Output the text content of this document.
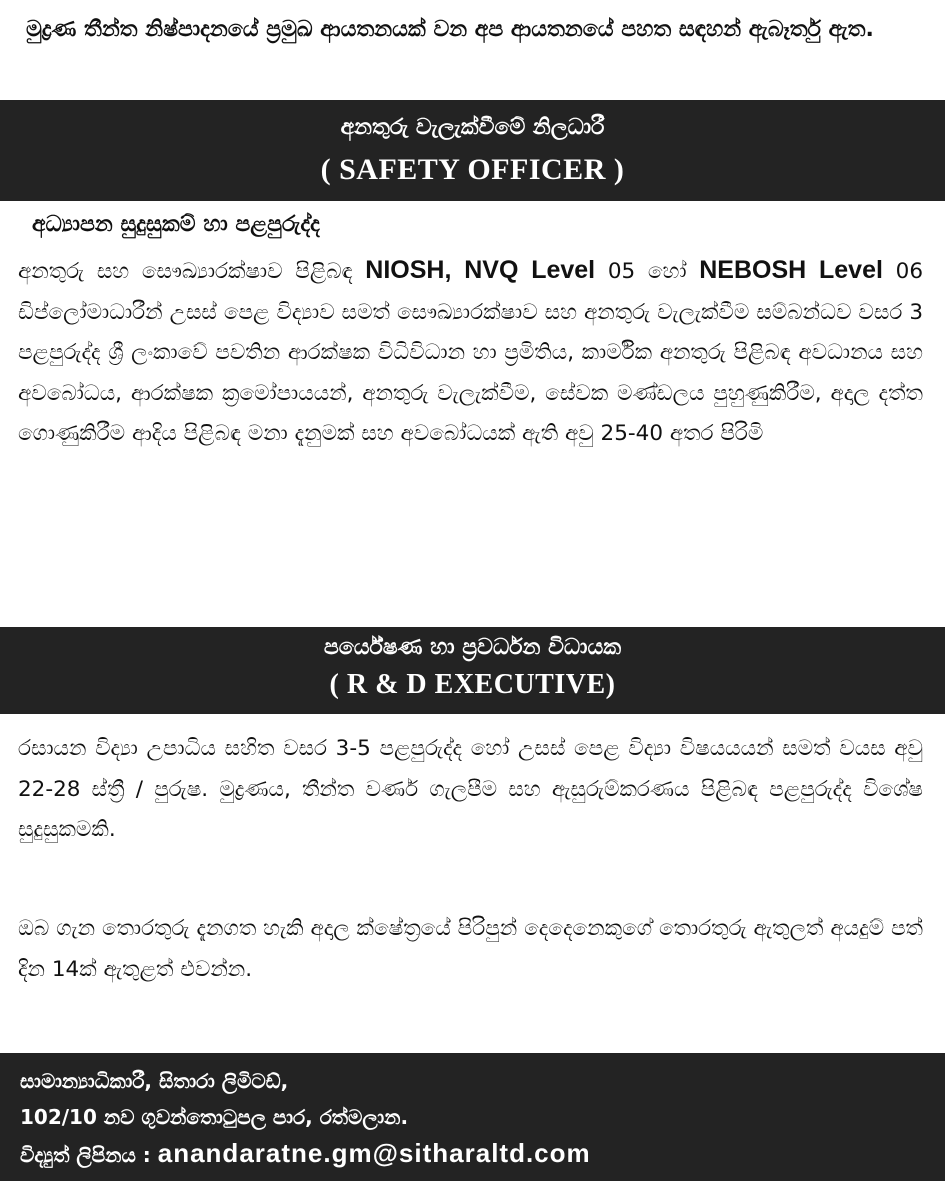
මුද්‍රණ තීන්ත නිෂ්පාදනයේ ප්‍රමුඛ ආයතනයක් වන අප ආයතනයේ පහත සඳහන් ඇබෑර්තු ඇත.
අනතුරු වැලැක්වීමේ නිලධාරී
( SAFETY OFFICER )
අධ්‍යාපන සුදුසුකම් හා පළපුරුද්ද
අනතුරු සහ සෞඛ්‍යාරක්ෂාව පිළිබඳ NIOSH, NVQ Level 05 හෝ NEBOSH Level 06 ඩිප්ලෝමාධාරීන් උසස් පෙළ විද්‍යාව සමත් සෞඛ්‍යාරක්ෂාව සහ අනතුරු වැලැක්වීම සම්බන්ධව වසර 3 පළපුරුද්ද ශ්‍රී ලංකාවේ පවතින ආරක්ෂක විධිවිධාන හා ප්‍රමිතිය, කාර්මික අනතුරු පිළිබඳ අවධානය සහ අවබෝධය, ආරක්ෂක ක්‍රමෝපායයන්, අනතුරු වැලැක්වීම, සේවක මණ්ඩලය පුහුණුකිරීම, අදාල දත්ත ගොණුකිරීම ආදිය පිළිබඳ මනා දැනුමක් සහ අවබෝධයක් ඇති අවු 25-40 අතර පිරිමි
පර්යේෂණ හා ප්‍රවර්ධන විධායක
( R & D EXECUTIVE)
රසායන විද්‍යා උපාධිය සහිත වසර 3-5 පළපුරුද්ද හෝ උසස් පෙළ විද්‍යා විෂයයයන් සමත් වයස අවු 22-28 ස්ත්‍රී / පුරුෂ. මුද්‍රණය, තීන්ත වර්ණ ගැලපීම සහ ඇසුරුම්කරණය පිළිබඳ පළපුරුද්ද විශේෂ සුදුසුකමකි.
ඔබ ගැන තොරතුරු දැනගත හැකි අදාල ක්ෂේත්‍රයේ පිරිපුන් දෙදෙනෙකුගේ තොරතුරු ඇතුලත් අයදුම් පත් දින 14ක් ඇතුළත් එවන්න.
සාමාන්‍යාධිකාරී, සිතාරා ලිමිටඩ්,
102/10 නව ගුවන්තොටුපල පාර, රත්මලාන.
විද්‍යුත් ලිපිනය : anandaratne.gm@sitharaltd.com
